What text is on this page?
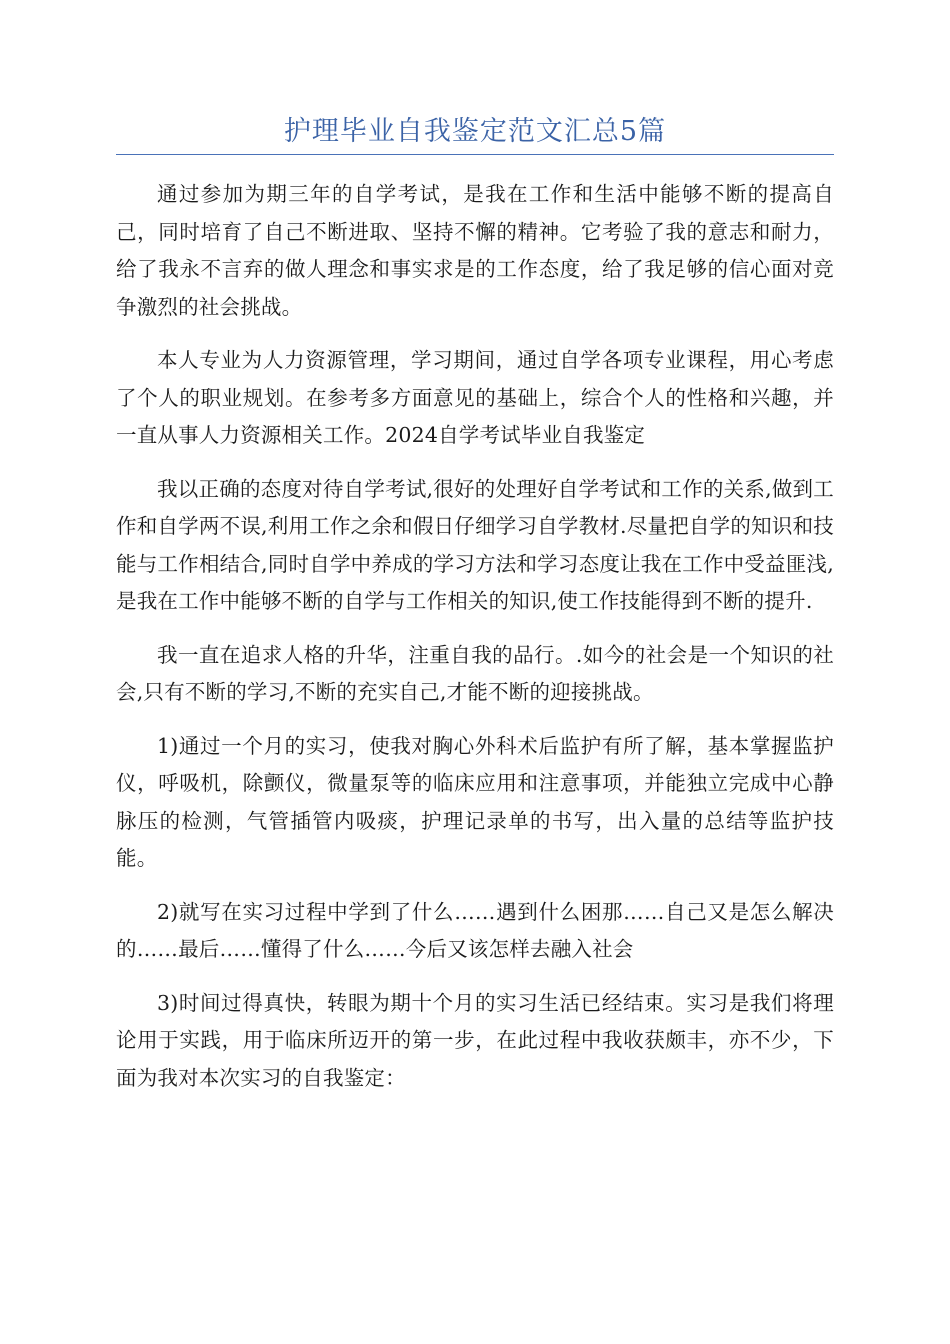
护理毕业自我鉴定范文汇总5篇

通过参加为期三年的自学考试，是我在工作和生活中能够不断的提高自己，同时培育了自己不断进取、坚持不懈的精神。它考验了我的意志和耐力，给了我永不言弃的做人理念和事实求是的工作态度，给了我足够的信心面对竞争激烈的社会挑战。

本人专业为人力资源管理，学习期间，通过自学各项专业课程，用心考虑了个人的职业规划。在参考多方面意见的基础上，综合个人的性格和兴趣，并一直从事人力资源相关工作。2024自学考试毕业自我鉴定

我以正确的态度对待自学考试,很好的处理好自学考试和工作的关系,做到工作和自学两不误,利用工作之余和假日仔细学习自学教材.尽量把自学的知识和技能与工作相结合,同时自学中养成的学习方法和学习态度让我在工作中受益匪浅,是我在工作中能够不断的自学与工作相关的知识,使工作技能得到不断的提升.

我一直在追求人格的升华，注重自我的品行。.如今的社会是一个知识的社会,只有不断的学习,不断的充实自己,才能不断的迎接挑战。

1)通过一个月的实习，使我对胸心外科术后监护有所了解，基本掌握监护仪，呼吸机，除颤仪，微量泵等的临床应用和注意事项，并能独立完成中心静脉压的检测，气管插管内吸痰，护理记录单的书写，出入量的总结等监护技能。

2)就写在实习过程中学到了什么……遇到什么困那……自己又是怎么解决的……最后……懂得了什么……今后又该怎样去融入社会

3)时间过得真快，转眼为期十个月的实习生活已经结束。实习是我们将理论用于实践，用于临床所迈开的第一步，在此过程中我收获颇丰，亦不少，下面为我对本次实习的自我鉴定：
